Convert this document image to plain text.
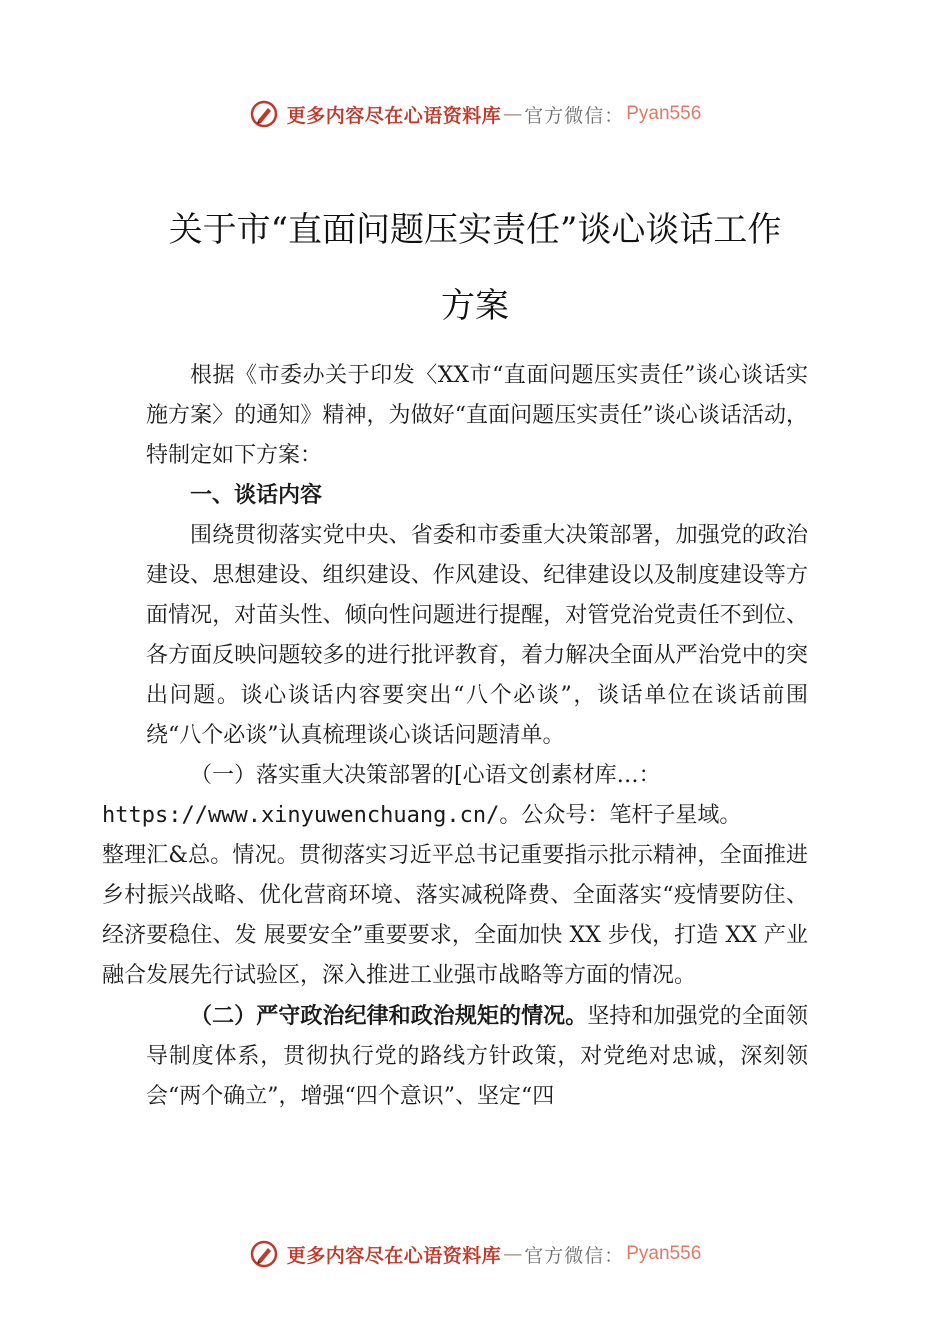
更多内容尽在心语资料库 — 官方微信： Pyan556
关于市“直面问题压实责任”谈心谈话工作
方案

根据《市委办关于印发〈XX市“直面问题压实责任”谈心谈话实施方案〉的通知》精神，为做好“直面问题压实责任”谈心谈话活动，特制定如下方案：

一、谈话内容

围绕贯彻落实党中央、省委和市委重大决策部署，加强党的政治建设、思想建设、组织建设、作风建设、纪律建设以及制度建设等方面情况，对苗头性、倾向性问题进行提醒，对管党治党责任不到位、各方面反映问题较多的进行批评教育，着力解决全面从严治党中的突出问题。谈心谈话内容要突出“八个必谈”，谈话单位在谈话前围绕“八个必谈”认真梳理谈心谈话问题清单。

（一）落实重大决策部署的[心语文创素材库…：
https://www.xinyuwenchuang.cn/。公众号：笔杆子星域。
整理汇&总。情况。贯彻落实习近平总书记重要指示批示精神，全面推进乡村振兴战略、优化营商环境、落实减税降费、全面落实“疫情要防住、经济要稳住、发 展要安全”重要要求，全面加快 XX 步伐，打造 XX 产业融合发展先行试验区，深入推进工业强市战略等方面的情况。

（二）严守政治纪律和政治规矩的情况。坚持和加强党的全面领导制度体系，贯彻执行党的路线方针政策，对党绝对忠诚，深刻领会“两个确立”，增强“四个意识”、坚定“四

更多内容尽在心语资料库 — 官方微信： Pyan556
